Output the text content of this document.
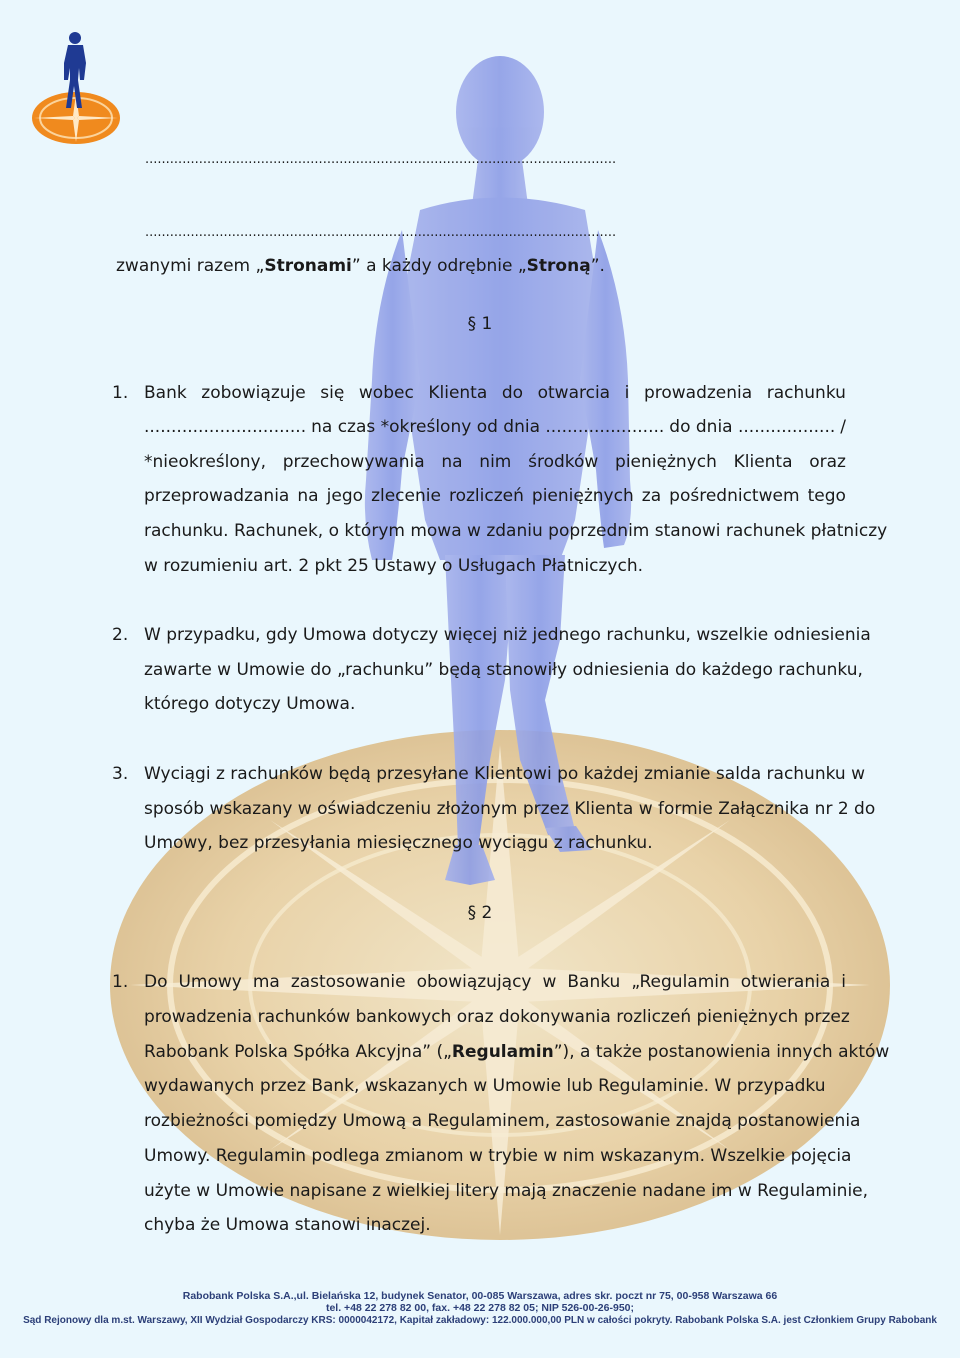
..................................................................................................................
..................................................................................................................
zwanymi razem „Stronami” a każdy odrębnie „Stroną”.
§ 1
1. Bank zobowiązuje się wobec Klienta do otwarcia i prowadzenia rachunku
.............................. na czas *określony od dnia ...................... do dnia .................. /
*nieokreślony, przechowywania na nim środków pieniężnych Klienta oraz
przeprowadzania na jego zlecenie rozliczeń pieniężnych za pośrednictwem tego
rachunku. Rachunek, o którym mowa w zdaniu poprzednim stanowi rachunek płatniczy
w rozumieniu art. 2 pkt 25 Ustawy o Usługach Płatniczych.
2. W przypadku, gdy Umowa dotyczy więcej niż jednego rachunku, wszelkie odniesienia
zawarte w Umowie do „rachunku” będą stanowiły odniesienia do każdego rachunku,
którego dotyczy Umowa.
3. Wyciągi z rachunków będą przesyłane Klientowi po każdej zmianie salda rachunku w
sposób wskazany w oświadczeniu złożonym przez Klienta w formie Załącznika nr 2 do
Umowy, bez przesyłania miesięcznego wyciągu z rachunku.
§ 2
1. Do Umowy ma zastosowanie obowiązujący w Banku „Regulamin otwierania i
prowadzenia rachunków bankowych oraz dokonywania rozliczeń pieniężnych przez
Rabobank Polska Spółka Akcyjna” („Regulamin”), a także postanowienia innych aktów
wydawanych przez Bank, wskazanych w Umowie lub Regulaminie. W przypadku
rozbieżności pomiędzy Umową a Regulaminem, zastosowanie znajdą postanowienia
Umowy. Regulamin podlega zmianom w trybie w nim wskazanym. Wszelkie pojęcia
użyte w Umowie napisane z wielkiej litery mają znaczenie nadane im w Regulaminie,
chyba że Umowa stanowi inaczej.
Rabobank Polska S.A.,ul. Bielańska 12, budynek Senator, 00-085 Warszawa, adres skr. poczt nr 75, 00-958 Warszawa 66
tel. +48 22 278 82 00, fax. +48 22 278 82 05; NIP 526-00-26-950;
Sąd Rejonowy dla m.st. Warszawy, XII Wydział Gospodarczy KRS: 0000042172, Kapitał zakładowy: 122.000.000,00 PLN w całości pokryty. Rabobank Polska S.A. jest Członkiem Grupy Rabobank
